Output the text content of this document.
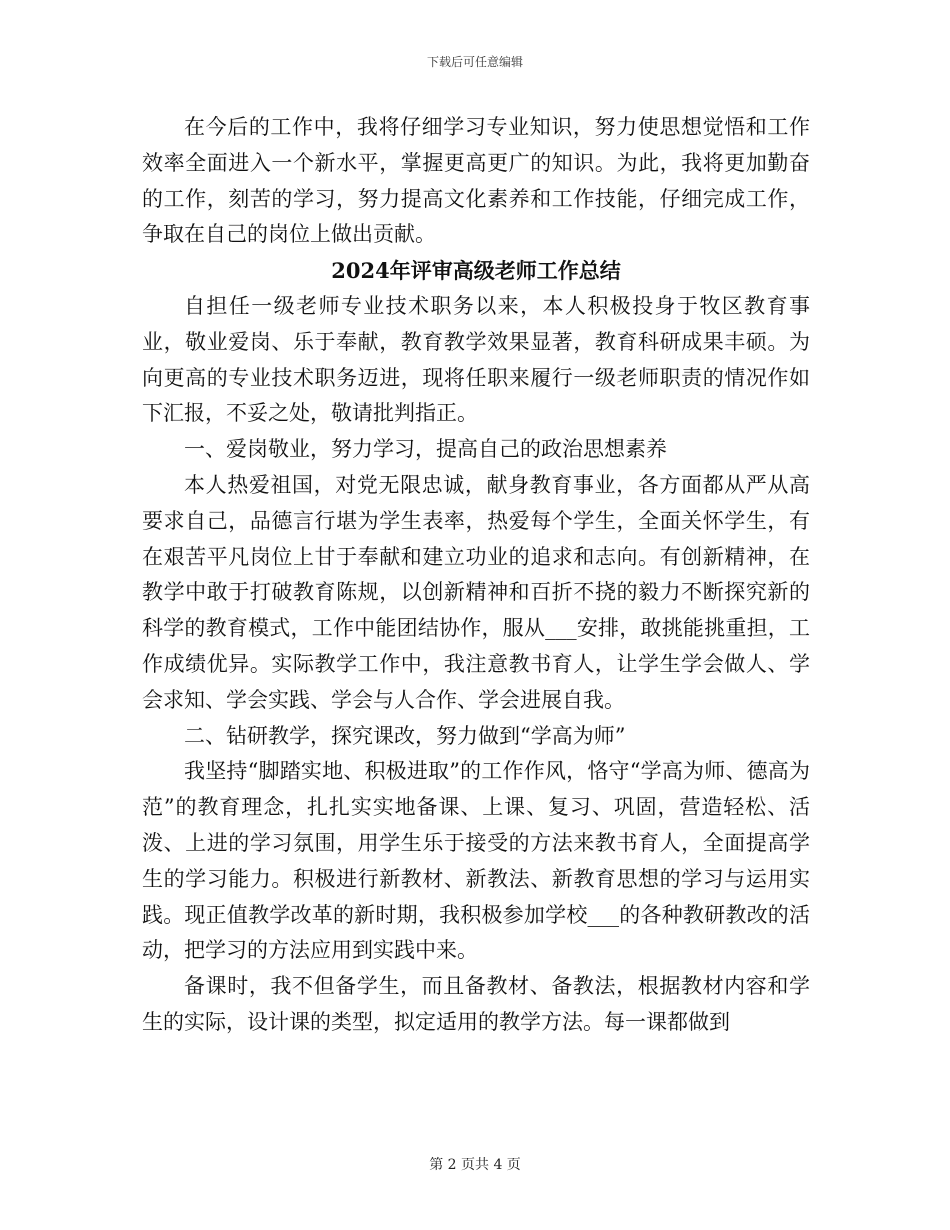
下载后可任意编辑

在今后的工作中，我将仔细学习专业知识，努力使思想觉悟和工作效率全面进入一个新水平，掌握更高更广的知识。为此，我将更加勤奋的工作，刻苦的学习，努力提高文化素养和工作技能，仔细完成工作，争取在自己的岗位上做出贡献。

2024年评审高级老师工作总结

自担任一级老师专业技术职务以来，本人积极投身于牧区教育事业，敬业爱岗、乐于奉献，教育教学效果显著，教育科研成果丰硕。为向更高的专业技术职务迈进，现将任职来履行一级老师职责的情况作如下汇报，不妥之处，敬请批判指正。

一、爱岗敬业，努力学习，提高自己的政治思想素养

本人热爱祖国，对党无限忠诚，献身教育事业，各方面都从严从高要求自己，品德言行堪为学生表率，热爱每个学生，全面关怀学生，有在艰苦平凡岗位上甘于奉献和建立功业的追求和志向。有创新精神，在教学中敢于打破教育陈规，以创新精神和百折不挠的毅力不断探究新的科学的教育模式，工作中能团结协作，服从___安排，敢挑能挑重担，工作成绩优异。实际教学工作中，我注意教书育人，让学生学会做人、学会求知、学会实践、学会与人合作、学会进展自我。

二、钻研教学，探究课改，努力做到“学高为师”

我坚持“脚踏实地、积极进取”的工作作风，恪守“学高为师、德高为范”的教育理念，扎扎实实地备课、上课、复习、巩固，营造轻松、活泼、上进的学习氛围，用学生乐于接受的方法来教书育人，全面提高学生的学习能力。积极进行新教材、新教法、新教育思想的学习与运用实践。现正值教学改革的新时期，我积极参加学校___的各种教研教改的活动，把学习的方法应用到实践中来。

备课时，我不但备学生，而且备教材、备教法，根据教材内容和学生的实际，设计课的类型，拟定适用的教学方法。每一课都做到

第 2 页共 4 页
